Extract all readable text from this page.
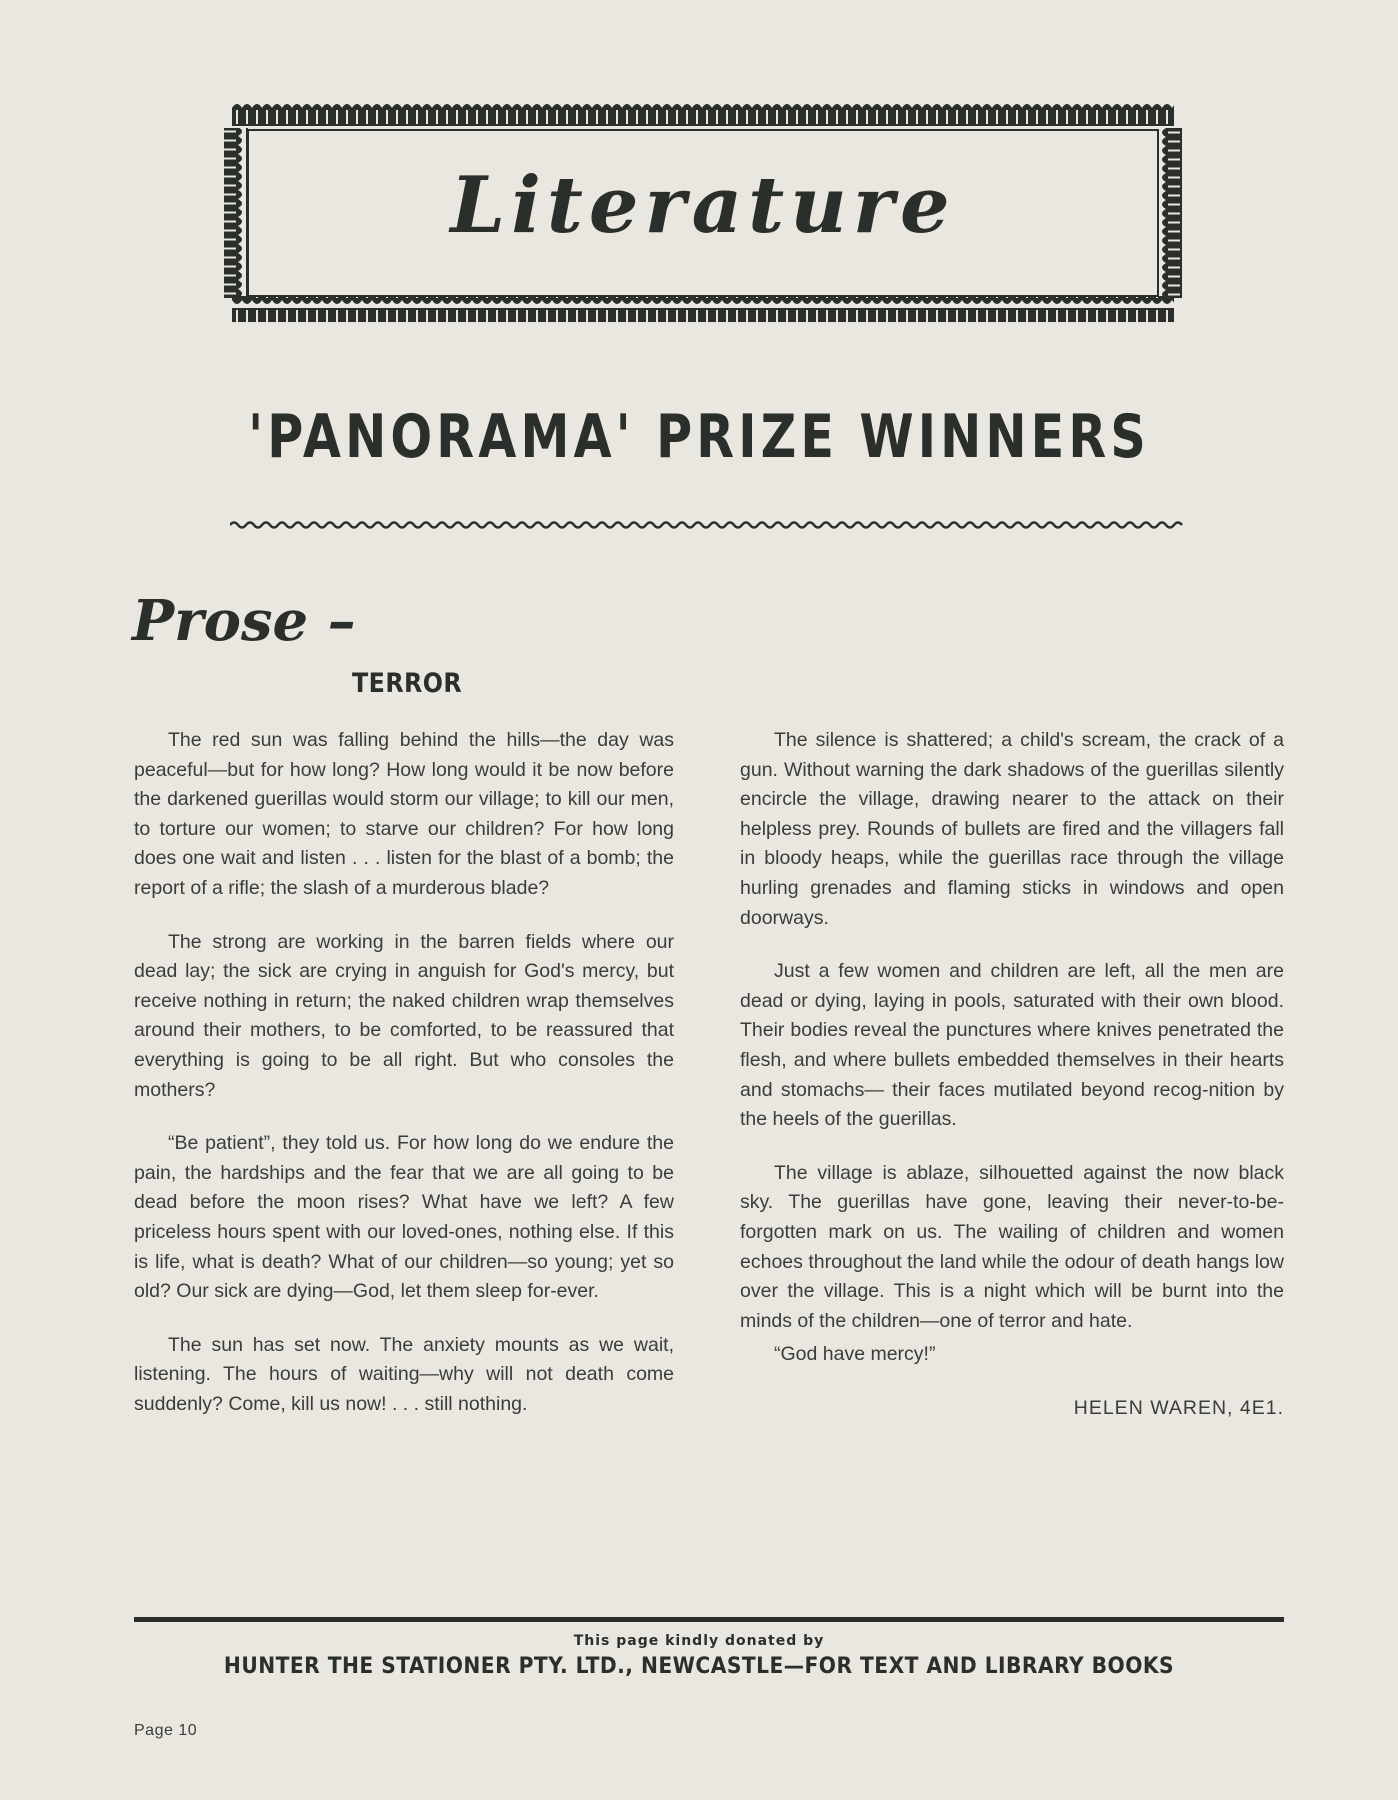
Literature
'PANORAMA' PRIZE WINNERS
Prose –
TERROR

The red sun was falling behind the hills—the day was peaceful—but for how long? How long would it be now before the darkened guerillas would storm our village; to kill our men, to torture our women; to starve our children? For how long does one wait and listen . . . listen for the blast of a bomb; the report of a rifle; the slash of a murderous blade?

The strong are working in the barren fields where our dead lay; the sick are crying in anguish for God's mercy, but receive nothing in return; the naked children wrap themselves around their mothers, to be comforted, to be reassured that everything is going to be all right. But who consoles the mothers?

“Be patient”, they told us. For how long do we endure the pain, the hardships and the fear that we are all going to be dead before the moon rises? What have we left? A few priceless hours spent with our loved-ones, nothing else. If this is life, what is death? What of our children—so young; yet so old? Our sick are dying—God, let them sleep for-ever.

The sun has set now. The anxiety mounts as we wait, listening. The hours of waiting—why will not death come suddenly? Come, kill us now! . . . still nothing.

The silence is shattered; a child's scream, the crack of a gun. Without warning the dark shadows of the guerillas silently encircle the village, drawing nearer to the attack on their helpless prey. Rounds of bullets are fired and the villagers fall in bloody heaps, while the guerillas race through the village hurling grenades and flaming sticks in windows and open doorways.

Just a few women and children are left, all the men are dead or dying, laying in pools, saturated with their own blood. Their bodies reveal the punctures where knives penetrated the flesh, and where bullets embedded themselves in their hearts and stomachs— their faces mutilated beyond recog-nition by the heels of the guerillas.

The village is ablaze, silhouetted against the now black sky. The guerillas have gone, leaving their never-to-be-forgotten mark on us. The wailing of children and women echoes throughout the land while the odour of death hangs low over the village. This is a night which will be burnt into the minds of the children—one of terror and hate.

“God have mercy!”

HELEN WAREN, 4E1.

This page kindly donated by
HUNTER THE STATIONER PTY. LTD., NEWCASTLE—FOR TEXT AND LIBRARY BOOKS
Page 10
